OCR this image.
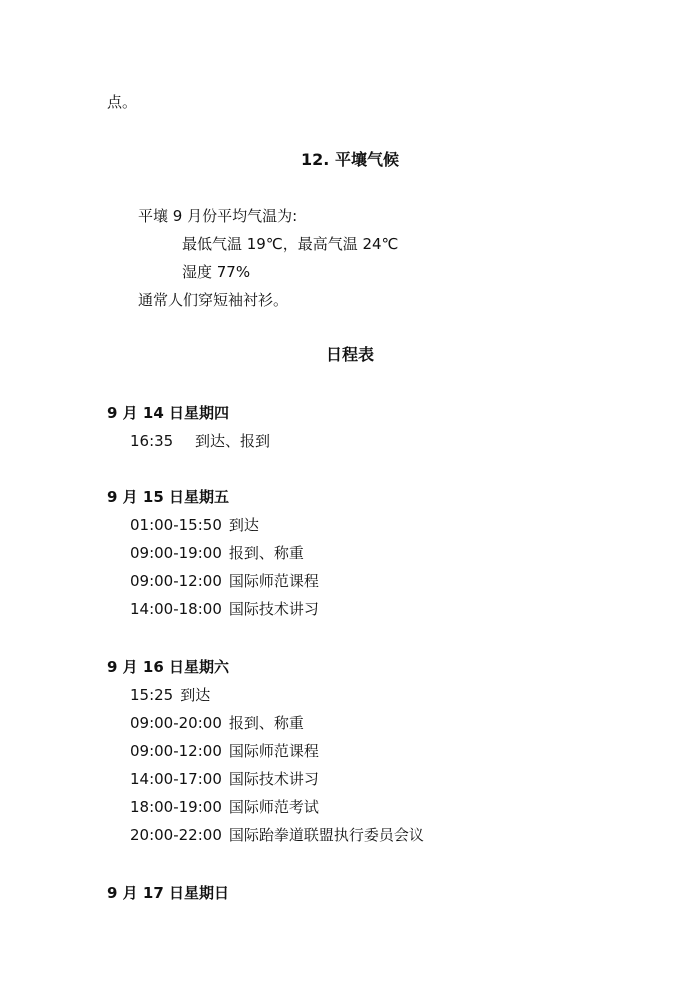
点。
12. 平壤气候
平壤 9 月份平均气温为:
最低气温 19℃，最高气温 24℃
湿度 77%
通常人们穿短袖衬衫。
日程表
9 月 14 日星期四
16:35 到达、报到
9 月 15 日星期五
01:00-15:50 到达
09:00-19:00 报到、称重
09:00-12:00 国际师范课程
14:00-18:00 国际技术讲习
9 月 16 日星期六
15:25 到达
09:00-20:00 报到、称重
09:00-12:00 国际师范课程
14:00-17:00 国际技术讲习
18:00-19:00 国际师范考试
20:00-22:00 国际跆拳道联盟执行委员会议
9 月 17 日星期日
